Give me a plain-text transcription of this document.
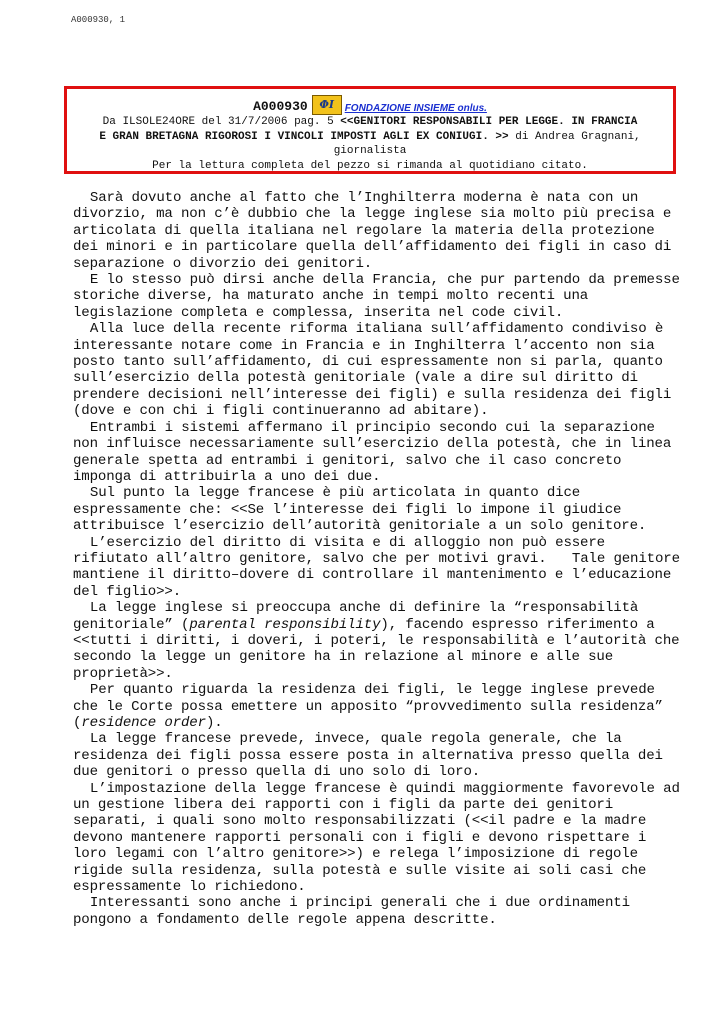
A000930, 1
A000930	ΦI	FONDAZIONE INSIEME onlus.
Da ILSOLE24ORE del 31/7/2006 pag. 5 <<GENITORI RESPONSABILI PER LEGGE. IN FRANCIA
E GRAN BRETAGNA RIGOROSI I VINCOLI IMPOSTI AGLI EX CONIUGI. >> di Andrea Gragnani,
giornalista
Per la lettura completa del pezzo si rimanda al quotidiano citato.

Sarà dovuto anche al fatto che l’Inghilterra moderna è nata con un divorzio, ma non c’è dubbio che la legge inglese sia molto più precisa e articolata di quella italiana nel regolare la materia della protezione dei minori e in particolare quella dell’affidamento dei figli in caso di separazione o divorzio dei genitori.

E lo stesso può dirsi anche della Francia, che pur partendo da premesse storiche diverse, ha maturato anche in tempi molto recenti una legislazione completa e complessa, inserita nel code civil.

Alla luce della recente riforma italiana sull’affidamento condiviso è interessante notare come in Francia e in Inghilterra l’accento non sia posto tanto sull’affidamento, di cui espressamente non si parla, quanto sull’esercizio della potestà genitoriale (vale a dire sul diritto di prendere decisioni nell’interesse dei figli) e sulla residenza dei figli (dove e con chi i figli continueranno ad abitare).

Entrambi i sistemi affermano il principio secondo cui la separazione non influisce necessariamente sull’esercizio della potestà, che in linea generale spetta ad entrambi i genitori, salvo che il caso concreto imponga di attribuirla a uno dei due.

Sul punto la legge francese è più articolata in quanto dice espressamente che: <<Se l’interesse dei figli lo impone il giudice attribuisce l’esercizio dell’autorità genitoriale a un solo genitore.

L’esercizio del diritto di visita e di alloggio non può essere rifiutato all’altro genitore, salvo che per motivi gravi. Tale genitore mantiene il diritto–dovere di controllare il mantenimento e l’educazione del figlio>>.

La legge inglese si preoccupa anche di definire la “responsabilità genitoriale” (parental responsibility), facendo espresso riferimento a <<tutti i diritti, i doveri, i poteri, le responsabilità e l’autorità che secondo la legge un genitore ha in relazione al minore e alle sue proprietà>>.

Per quanto riguarda la residenza dei figli, le legge inglese prevede che le Corte possa emettere un apposito “provvedimento sulla residenza” (residence order).

La legge francese prevede, invece, quale regola generale, che la residenza dei figli possa essere posta in alternativa presso quella dei due genitori o presso quella di uno solo di loro.

L’impostazione della legge francese è quindi maggiormente favorevole ad un gestione libera dei rapporti con i figli da parte dei genitori separati, i quali sono molto responsabilizzati (<<il padre e la madre devono mantenere rapporti personali con i figli e devono rispettare i loro legami con l’altro genitore>>) e relega l’imposizione di regole rigide sulla residenza, sulla potestà e sulle visite ai soli casi che espressamente lo richiedono.

Interessanti sono anche i principi generali che i due ordinamenti pongono a fondamento delle regole appena descritte.
